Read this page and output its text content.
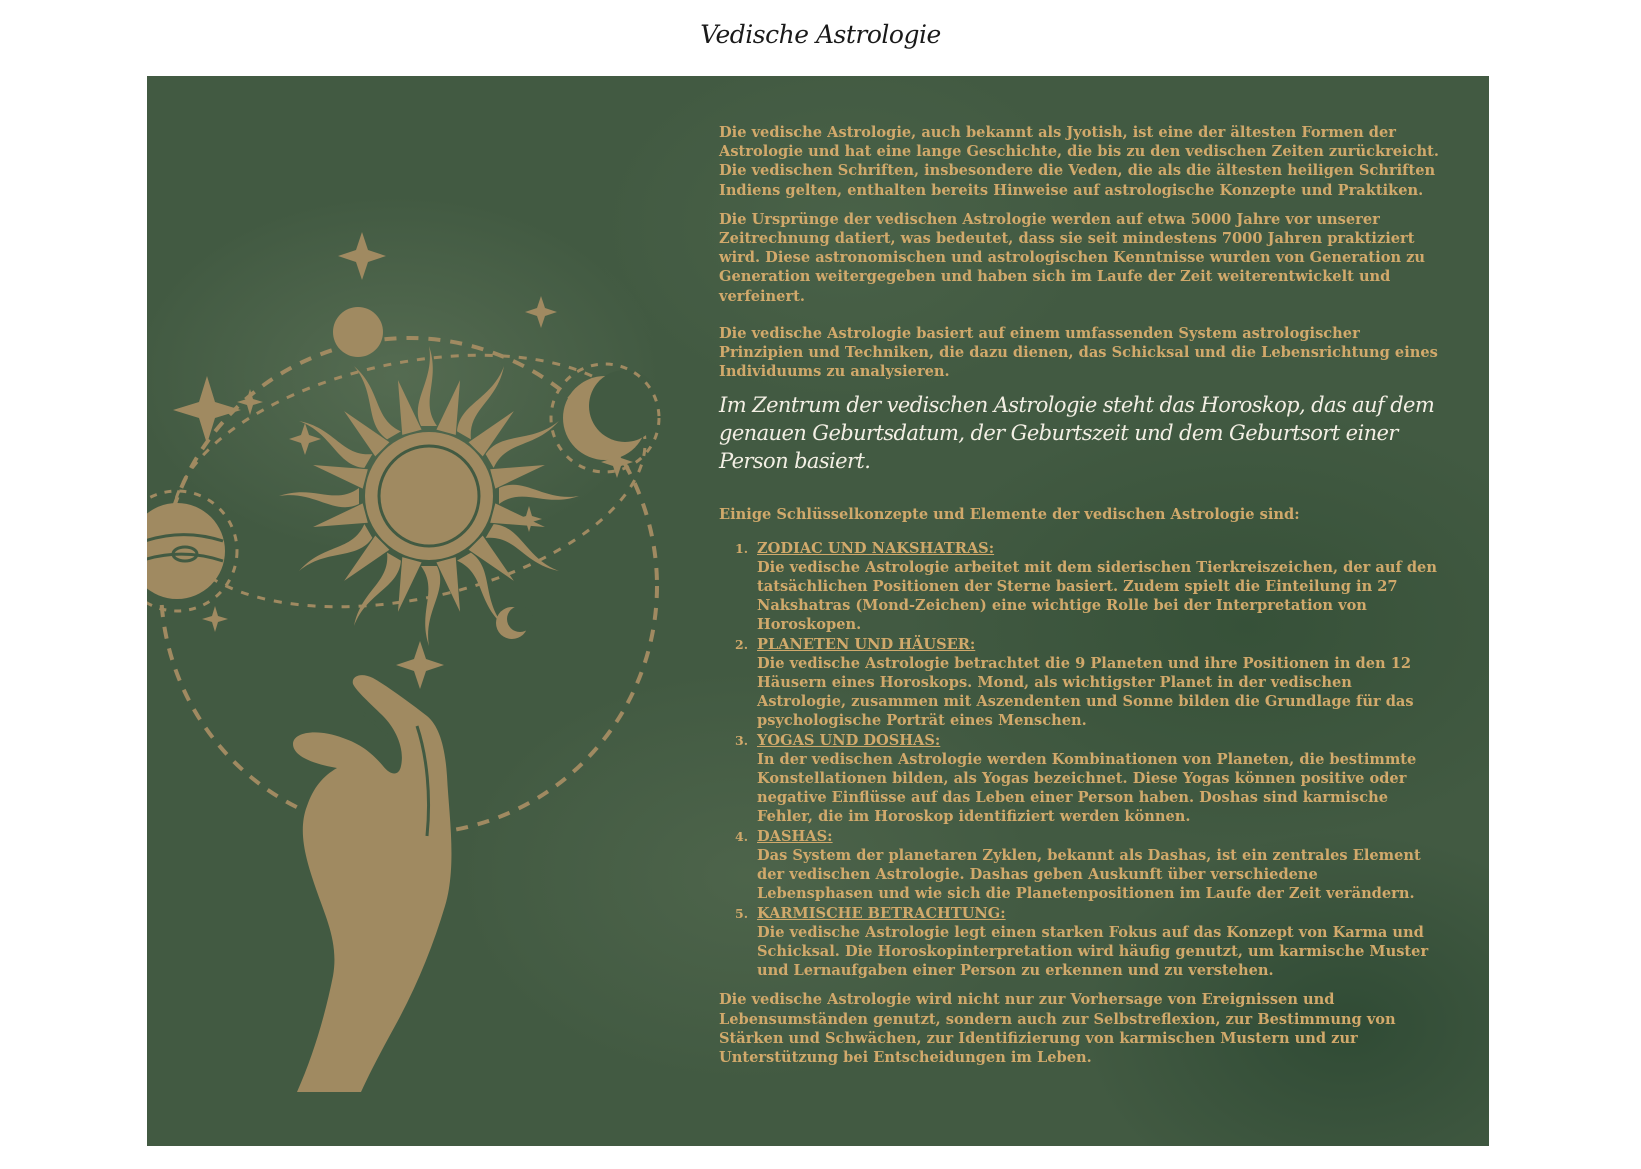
Vedische Astrologie

Die vedische Astrologie, auch bekannt als Jyotish, ist eine der ältesten Formen der Astrologie und hat eine lange Geschichte, die bis zu den vedischen Zeiten zurückreicht. Die vedischen Schriften, insbesondere die Veden, die als die ältesten heiligen Schriften Indiens gelten, enthalten bereits Hinweise auf astrologische Konzepte und Praktiken.

Die Ursprünge der vedischen Astrologie werden auf etwa 5000 Jahre vor unserer Zeitrechnung datiert, was bedeutet, dass sie seit mindestens 7000 Jahren praktiziert wird. Diese astronomischen und astrologischen Kenntnisse wurden von Generation zu Generation weitergegeben und haben sich im Laufe der Zeit weiterentwickelt und verfeinert.

Die vedische Astrologie basiert auf einem umfassenden System astrologischer Prinzipien und Techniken, die dazu dienen, das Schicksal und die Lebensrichtung eines Individuums zu analysieren.

Im Zentrum der vedischen Astrologie steht das Horoskop, das auf dem genauen Geburtsdatum, der Geburtszeit und dem Geburtsort einer Person basiert.

Einige Schlüsselkonzepte und Elemente der vedischen Astrologie sind:

1. ZODIAC UND NAKSHATRAS:
Die vedische Astrologie arbeitet mit dem siderischen Tierkreiszeichen, der auf den tatsächlichen Positionen der Sterne basiert. Zudem spielt die Einteilung in 27 Nakshatras (Mond-Zeichen) eine wichtige Rolle bei der Interpretation von Horoskopen.
2. PLANETEN UND HÄUSER:
Die vedische Astrologie betrachtet die 9 Planeten und ihre Positionen in den 12 Häusern eines Horoskops. Mond, als wichtigster Planet in der vedischen Astrologie, zusammen mit Aszendenten und Sonne bilden die Grundlage für das psychologische Porträt eines Menschen.
3. YOGAS UND DOSHAS:
In der vedischen Astrologie werden Kombinationen von Planeten, die bestimmte Konstellationen bilden, als Yogas bezeichnet. Diese Yogas können positive oder negative Einflüsse auf das Leben einer Person haben. Doshas sind karmische Fehler, die im Horoskop identifiziert werden können.
4. DASHAS:
Das System der planetaren Zyklen, bekannt als Dashas, ist ein zentrales Element der vedischen Astrologie. Dashas geben Auskunft über verschiedene Lebensphasen und wie sich die Planetenpositionen im Laufe der Zeit verändern.
5. KARMISCHE BETRACHTUNG:
Die vedische Astrologie legt einen starken Fokus auf das Konzept von Karma und Schicksal. Die Horoskopinterpretation wird häufig genutzt, um karmische Muster und Lernaufgaben einer Person zu erkennen und zu verstehen.

Die vedische Astrologie wird nicht nur zur Vorhersage von Ereignissen und Lebensumständen genutzt, sondern auch zur Selbstreflexion, zur Bestimmung von Stärken und Schwächen, zur Identifizierung von karmischen Mustern und zur Unterstützung bei Entscheidungen im Leben.
